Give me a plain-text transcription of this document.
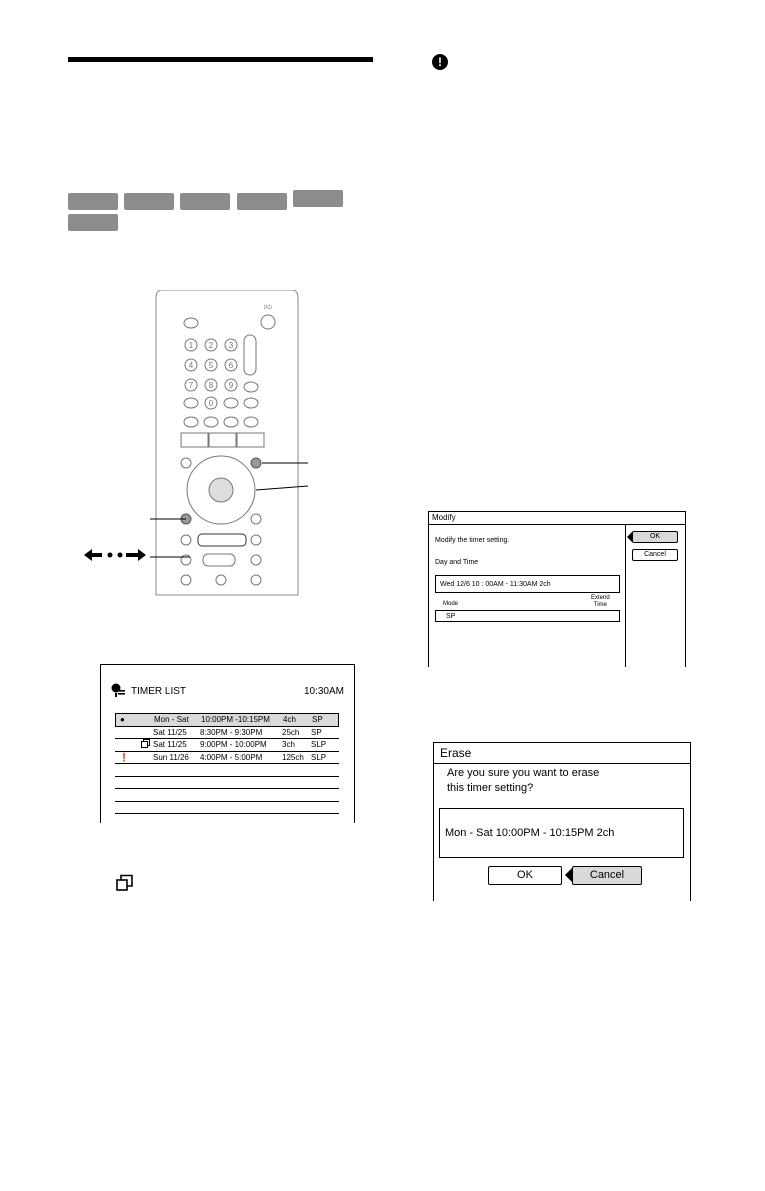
!
I/⏻
1 2 3
4 5 6
7 8 9
0
TIMER LIST	10:30AM
●	Mon - Sat 10:00PM -10:15PM 4ch SP
Sat 11/25 8:30PM - 9:30PM 25ch SP
Sat 11/25 9:00PM - 10:00PM 3ch SLP
❗	Sun 11/26 4:00PM - 5:00PM 125ch SLP
Modify
Modify the timer setting.
Day and Time
Wed 12/6 10 : 00AM - 11:30AM 2ch
Mode
Extend
Time
SP
OK
Cancel
Erase
Are you sure you want to erase
this timer setting?
Mon - Sat 10:00PM - 10:15PM 2ch
OK	Cancel
